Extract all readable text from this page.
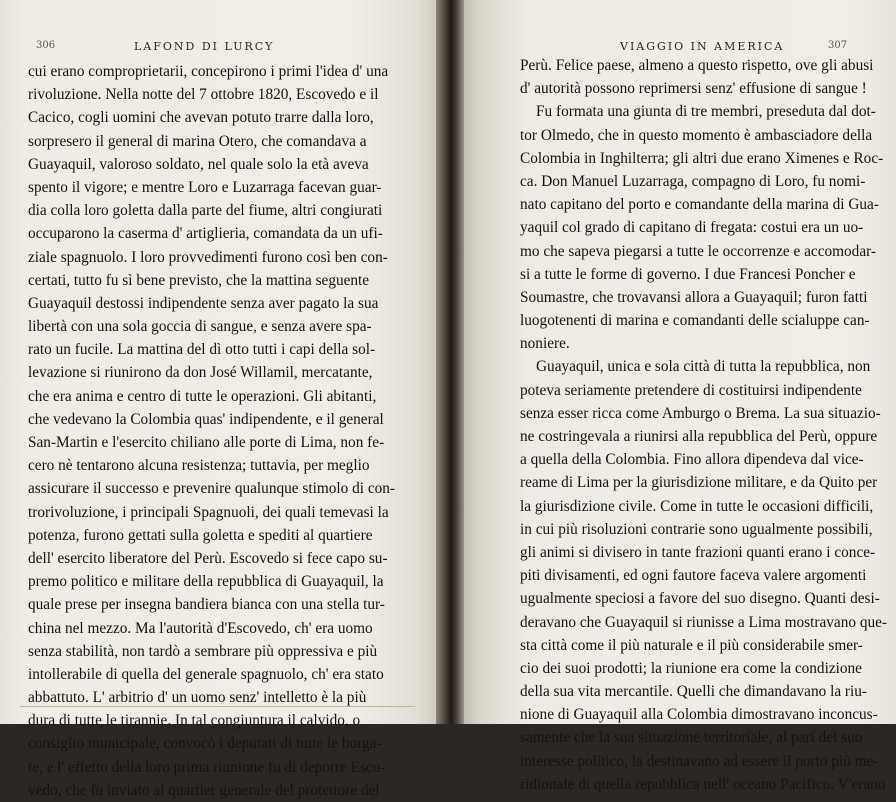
306	LAFOND DI LURCY
cui erano comproprietarii, concepirono i primi l'idea d' una
rivoluzione. Nella notte del 7 ottobre 1820, Escovedo e il
Cacico, cogli uomini che avevan potuto trarre dalla loro,
sorpresero il general di marina Otero, che comandava a
Guayaquil, valoroso soldato, nel quale solo la età aveva
spento il vigore; e mentre Loro e Luzarraga facevan guar-
dia colla loro goletta dalla parte del fiume, altri congiurati
occuparono la caserma d' artiglieria, comandata da un ufi-
ziale spagnuolo. I loro provvedimenti furono così ben con-
certati, tutto fu sì bene previsto, che la mattina seguente
Guayaquil destossi indipendente senza aver pagato la sua
libertà con una sola goccia di sangue, e senza avere spa-
rato un fucile. La mattina del dì otto tutti i capi della sol-
levazione si riunirono da don José Willamil, mercatante,
che era anima e centro di tutte le operazioni. Gli abitanti,
che vedevano la Colombia quas' indipendente, e il general
San-Martin e l'esercito chiliano alle porte di Lima, non fe-
cero nè tentarono alcuna resistenza; tuttavia, per meglio
assicurare il successo e prevenire qualunque stimolo di con-
trorivoluzione, i principali Spagnuoli, dei quali temevasi la
potenza, furono gettati sulla goletta e spediti al quartiere
dell' esercito liberatore del Perù. Escovedo si fece capo su-
premo politico e militare della repubblica di Guayaquil, la
quale prese per insegna bandiera bianca con una stella tur-
china nel mezzo. Ma l'autorità d'Escovedo, ch' era uomo
senza stabilità, non tardò a sembrare più oppressiva e più
intollerabile di quella del generale spagnuolo, ch' era stato
abbattuto. L' arbitrio d' un uomo senz' intelletto è la più
dura di tutte le tirannie. In tal congiuntura il calvido, o
consiglio municipale, convocò i deputati di tutte le borga-
te, e l' effetto della loro prima riunione fu di deporre Esco-
vedo, che fu inviato al quartier generale del protettore del
VIAGGIO IN AMERICA	307
Perù. Felice paese, almeno a questo rispetto, ove gli abusi
d' autorità possono reprimersi senz' effusione di sangue !
Fu formata una giunta di tre membri, preseduta dal dot-
tor Olmedo, che in questo momento è ambasciadore della
Colombia in Inghilterra; gli altri due erano Ximenes e Roc-
ca. Don Manuel Luzarraga, compagno di Loro, fu nomi-
nato capitano del porto e comandante della marina di Gua-
yaquil col grado di capitano di fregata: costui era un uo-
mo che sapeva piegarsi a tutte le occorrenze e accomodar-
si a tutte le forme di governo. I due Francesi Poncher e
Soumastre, che trovavansi allora a Guayaquil; furon fatti
luogotenenti di marina e comandanti delle scialuppe can-
noniere.
Guayaquil, unica e sola città di tutta la repubblica, non
poteva seriamente pretendere di costituirsi indipendente
senza esser ricca come Amburgo o Brema. La sua situazio-
ne costringevala a riunirsi alla repubblica del Perù, oppure
a quella della Colombia. Fino allora dipendeva dal vice-
reame di Lima per la giurisdizione militare, e da Quito per
la giurisdizione civile. Come in tutte le occasioni difficili,
in cui più risoluzioni contrarie sono ugualmente possibili,
gli animi si divisero in tante frazioni quanti erano i conce-
piti divisamenti, ed ogni fautore faceva valere argomenti
ugualmente speciosi a favore del suo disegno. Quanti desi-
deravano che Guayaquil si riunisse a Lima mostravano que-
sta città come il più naturale e il più considerabile smer-
cio dei suoi prodotti; la riunione era come la condizione
della sua vita mercantile. Quelli che dimandavano la riu-
nione di Guayaquil alla Colombia dimostravano inconcus-
samente che la sua situazione territoriale, al pari del suo
interesse politico, la destinavano ad essere il porto più me-
ridionale di quella repubblica nell' oceano Pacifico. V'erano
